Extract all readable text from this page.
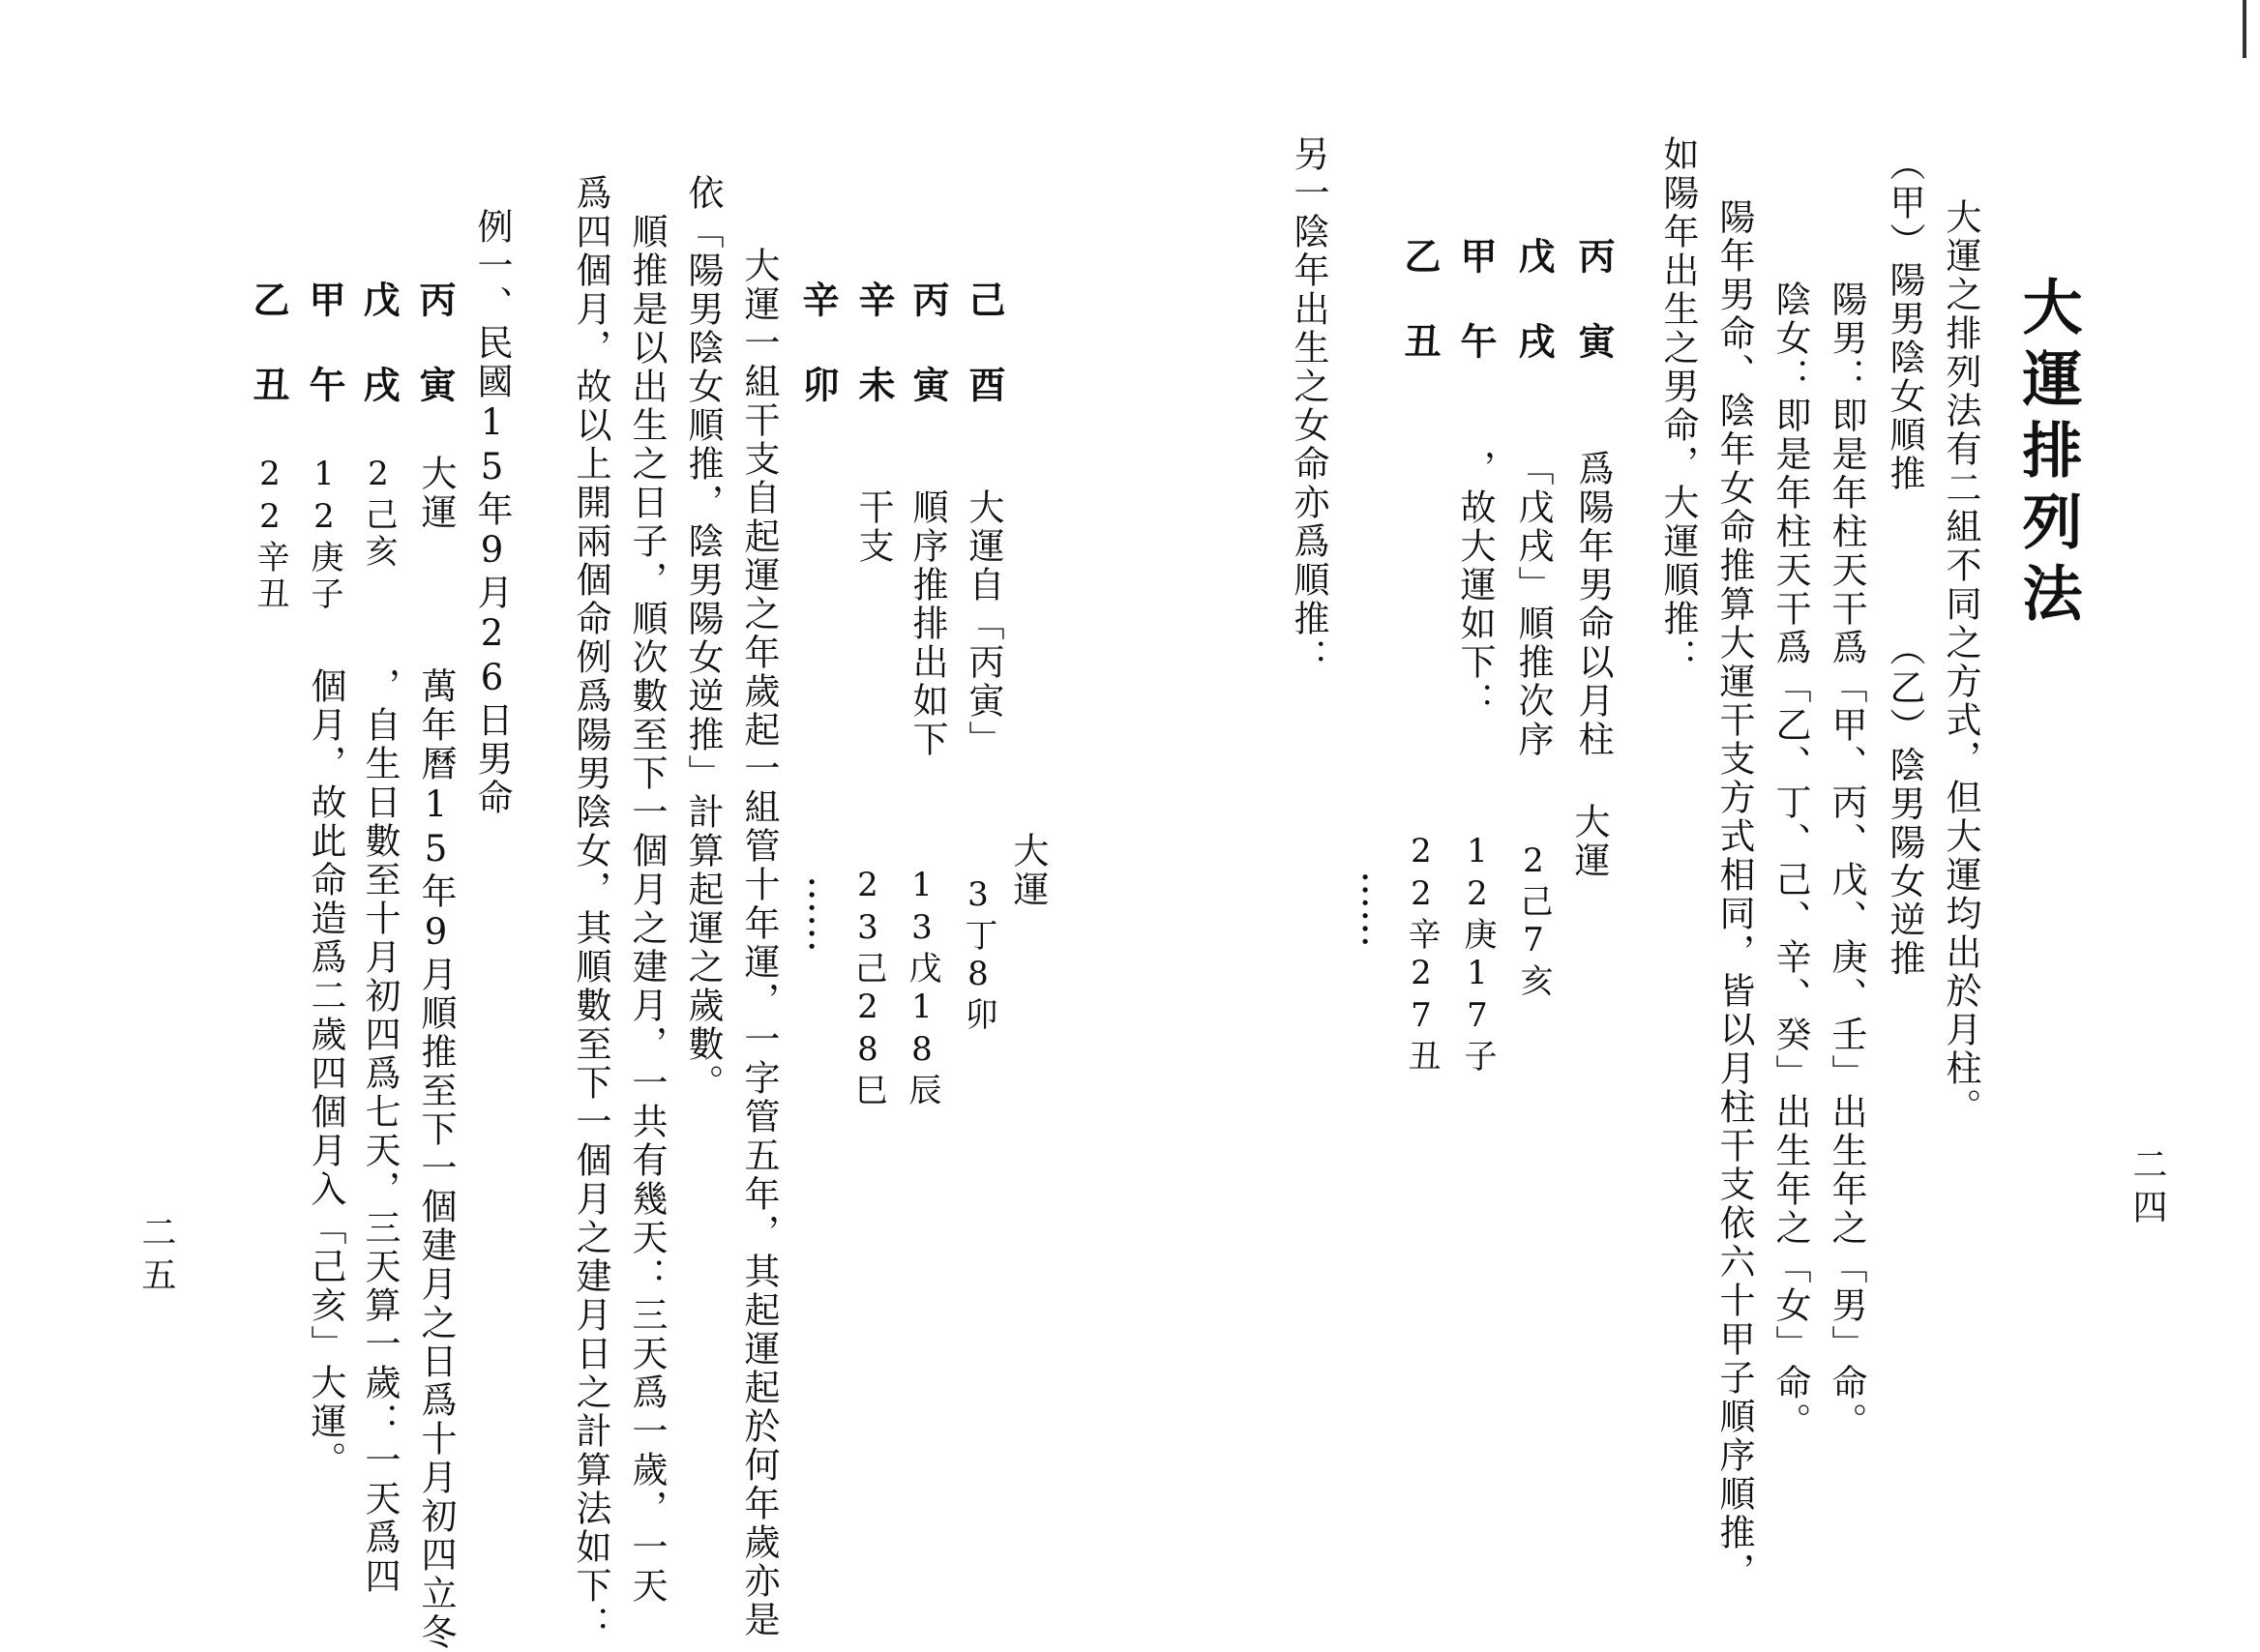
大運排列法
大運之排列法有二組不同之方式，但大運均出於月柱。
（甲）陽男陰女順推　　　　（乙）陰男陽女逆推
　陽男：即是年柱天干爲「甲、丙、戊、庚、壬」出生年之「男」命。
　陰女：即是年柱天干爲「乙、丁、己、辛、癸」出生年之「女」命。
陽年男命、陰年女命推算大運干支方式相同，皆以月柱干支依六十甲子順序順推，
如陽年出生之男命，大運順推：
丙寅
戊戌
甲午
乙丑
爲陽年男命以月柱
「戊戌」順推次序
，故大運如下：
大運
2己7亥
12庚17子
22辛27丑
……
另一陰年出生之女命亦爲順推：
二四
己酉
丙寅
辛未
辛卯
大運自「丙寅」
順序推排出如下
干支
大運
3丁8卯
13戊18辰
23己28巳
……
大運一組干支自起運之年歲起一組管十年運，一字管五年，其起運起於何年歲亦是
依「陽男陰女順推，陰男陽女逆推」計算起運之歲數。
　順推是以出生之日子，順次數至下一個月之建月，一共有幾天：三天爲一歲，一天
爲四個月，故以上開兩個命例爲陽男陰女，其順數至下一個月之建月日之計算法如下：
例一、民國15年9月26日男命
丙寅
戊戌
甲午
乙丑
大運
2己亥
12庚子
22辛丑
萬年曆15年9月順推至下一個建月之日爲十月初四立冬
，自生日數至十月初四爲七天，三天算一歲：一天爲四
個月，故此命造爲二歲四個月入「己亥」大運。
二五
